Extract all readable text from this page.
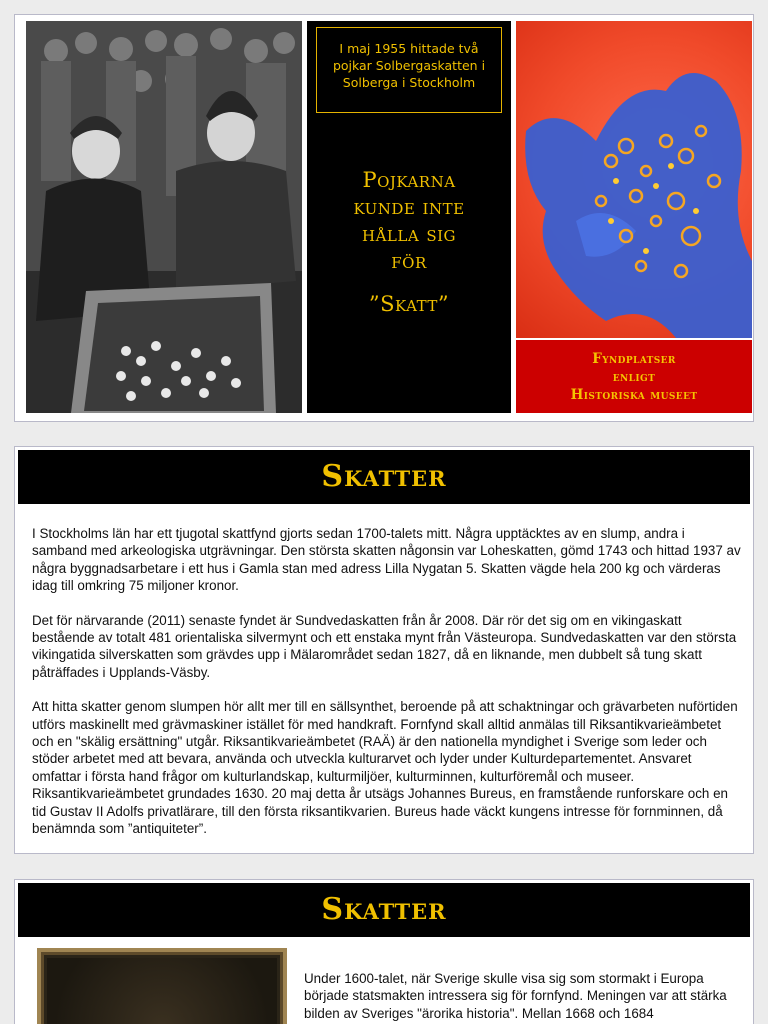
I maj 1955 hittade två pojkar Solbergaskatten i Solberga i Stockholm
Pojkarna
kunde inte
hålla sig
för
”Skatt”
Fyndplatser
enligt
Historiska museet
Skatter

I Stockholms län har ett tjugotal skattfynd gjorts sedan 1700-talets mitt. Några upptäcktes av en slump, andra i samband med arkeologiska utgrävningar. Den största skatten någonsin var Loheskatten, gömd 1743 och hittad 1937 av några byggnadsarbetare i ett hus i Gamla stan med adress Lilla Nygatan 5. Skatten vägde hela 200 kg och värderas idag till omkring 75 miljoner kronor.

Det för närvarande (2011) senaste fyndet är Sundvedaskatten från år 2008. Där rör det sig om en vikingaskatt bestående av totalt 481 orientaliska silvermynt och ett enstaka mynt från Västeuropa. Sundvedaskatten var den största vikingatida silverskatten som grävdes upp i Mälarområdet sedan 1827, då en liknande, men dubbelt så tung skatt påträffades i Upplands-Väsby.

Att hitta skatter genom slumpen hör allt mer till en sällsynthet, beroende på att schaktningar och grävarbeten nuförtiden utförs maskinellt med grävmaskiner istället för med handkraft. Fornfynd skall alltid anmälas till Riksantikvarieämbetet och en "skälig ersättning" utgår. Riksantikvarieämbetet (RAÄ) är den nationella myndighet i Sverige som leder och stöder arbetet med att bevara, använda och utveckla kulturarvet och lyder under Kulturdepartementet. Ansvaret omfattar i första hand frågor om kulturlandskap, kulturmiljöer, kulturminnen, kulturföremål och museer. Riksantikvarieämbetet grundades 1630. 20 maj detta år utsägs Johannes Bureus, en framstående runforskare och en tid Gustav II Adolfs privatlärare, till den första riksantikvarien. Bureus hade väckt kungens intresse för fornminnen, då benämnda som ”antiquiteter”.

Skatter
Under 1600-talet, när Sverige skulle visa sig som stormakt i Europa började statsmakten intressera sig för fornfynd. Meningen var att stärka bilden av Sveriges "ärorika historia". Mellan 1668 och 1684
